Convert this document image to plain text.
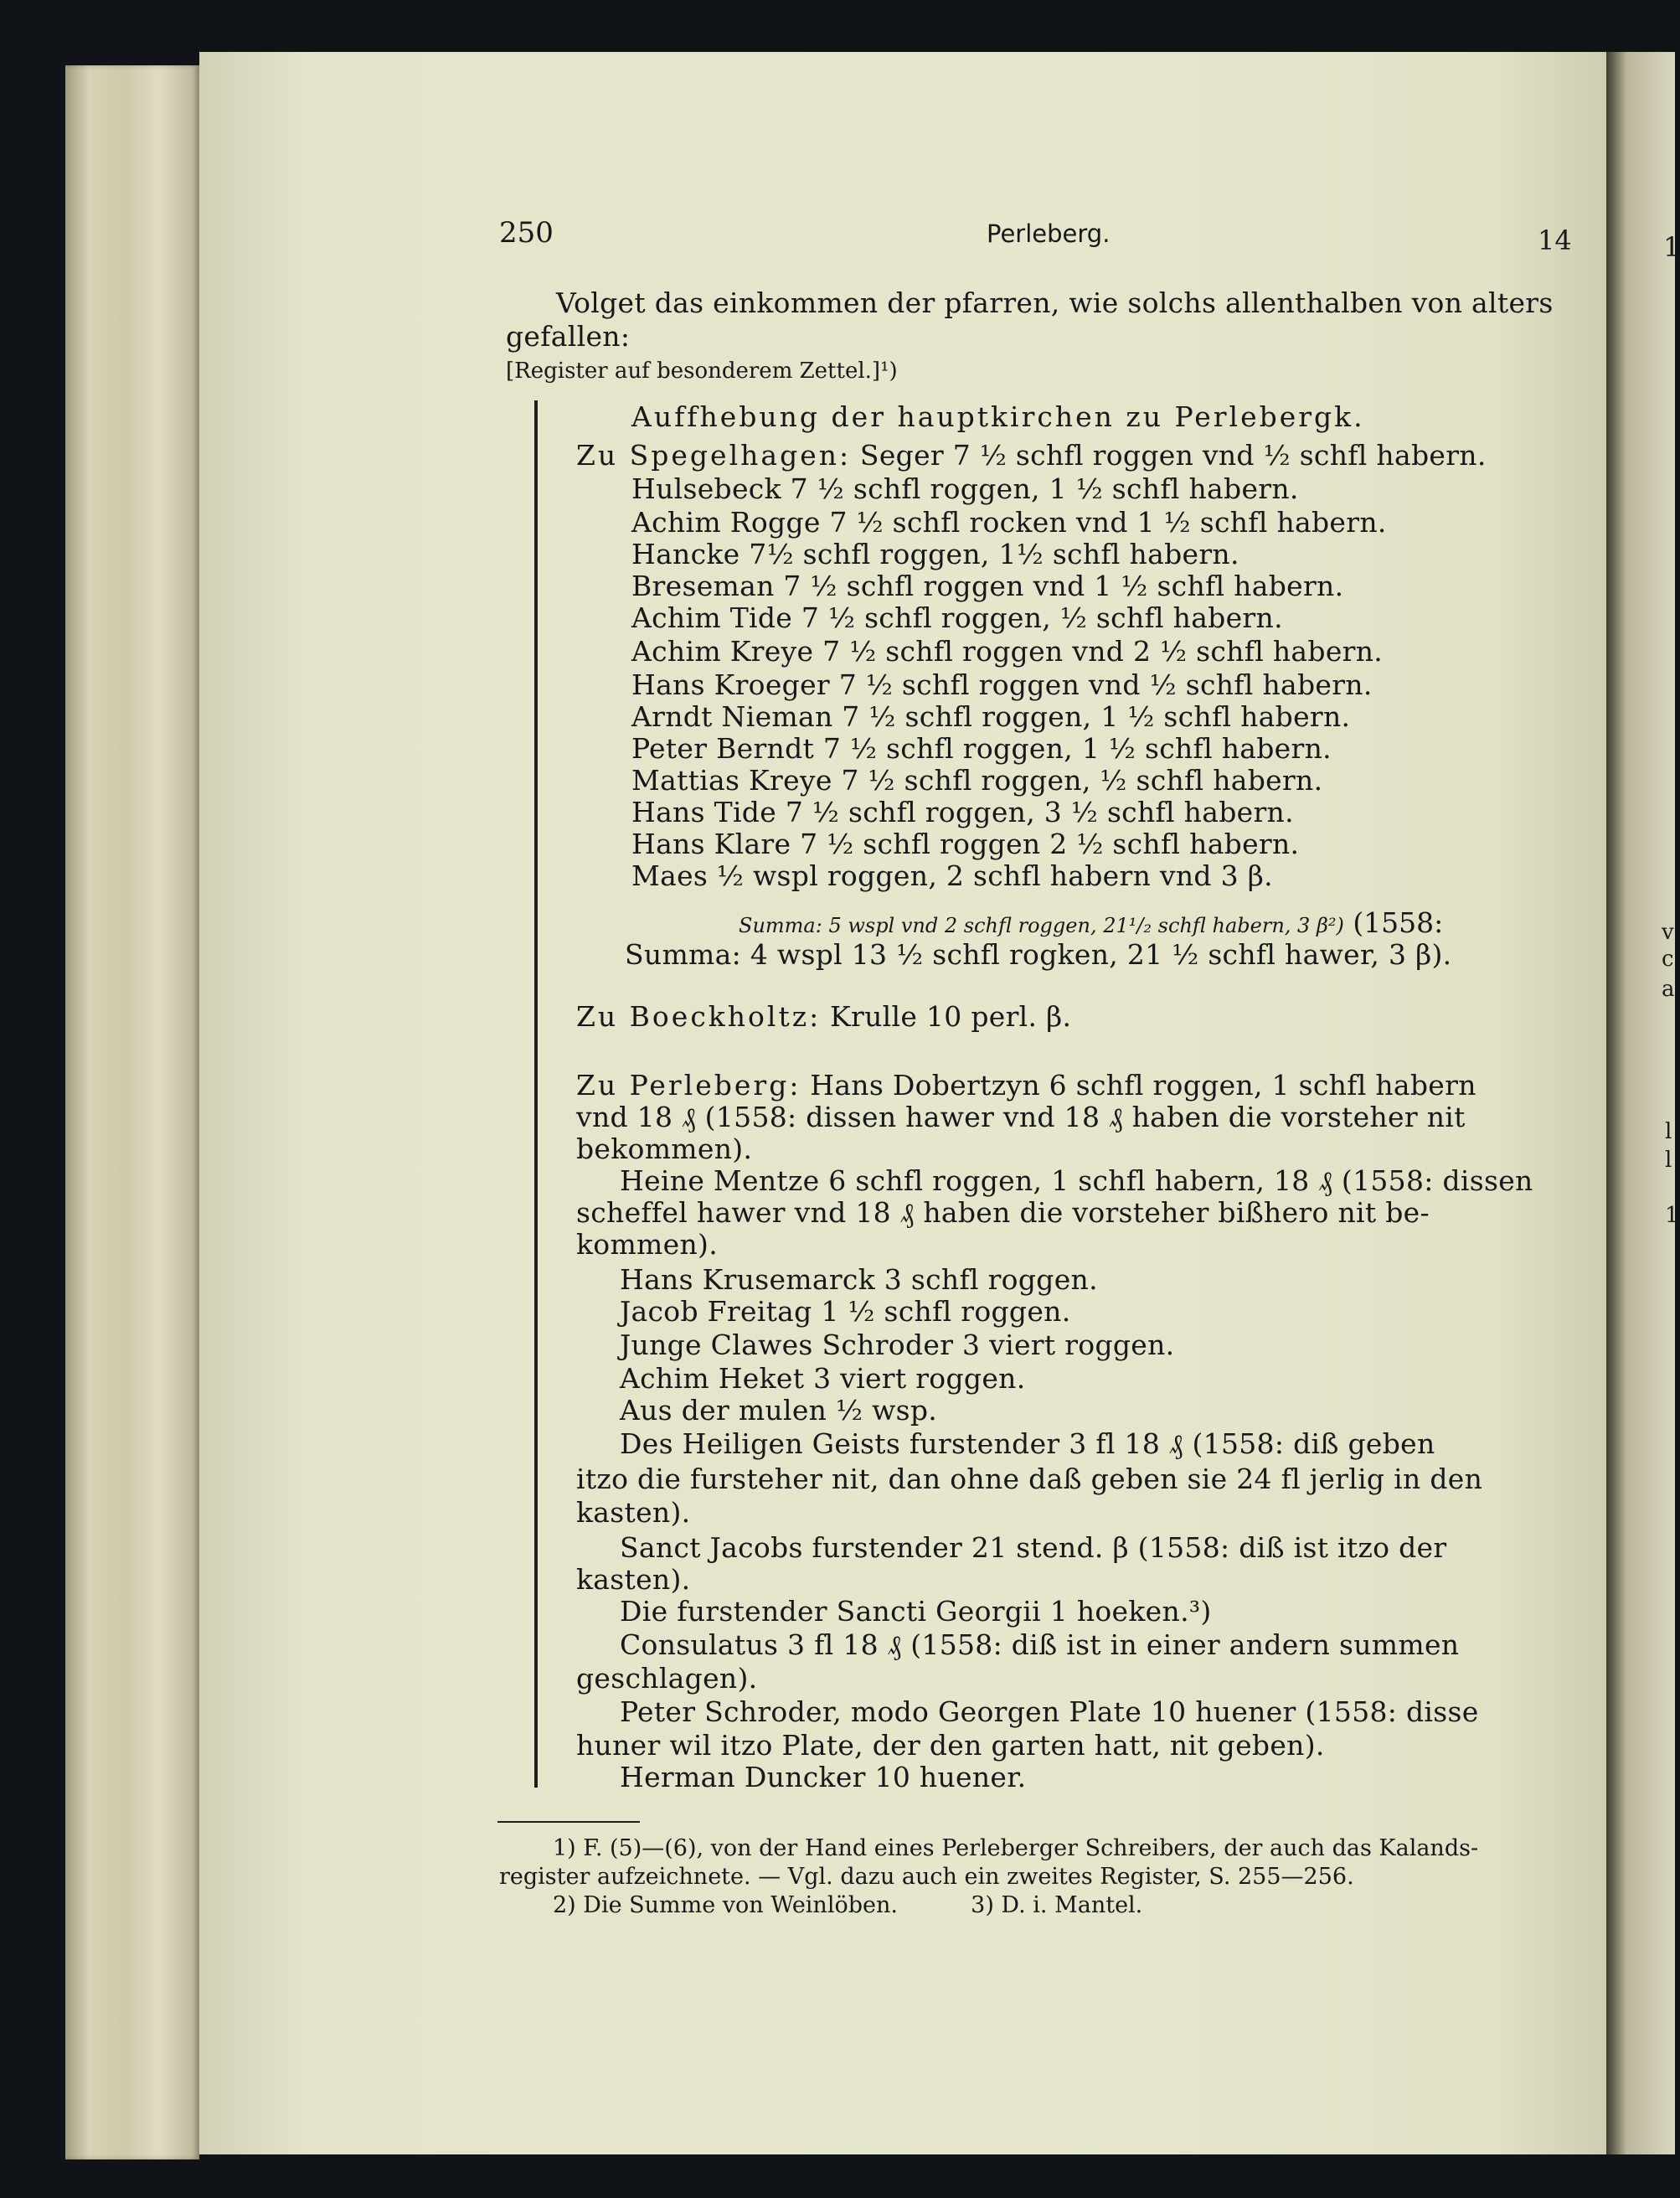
1
v
c
a
l
l
1
250	Perleberg.	14
Volget das einkommen der pfarren, wie solchs allenthalben von alters
gefallen:
[Register auf besonderem Zettel.]¹)
Auffhebung der hauptkirchen zu Perlebergk.
Zu Spegelhagen: Seger 7 ½ schfl roggen vnd ½ schfl habern.
Hulsebeck 7 ½ schfl roggen, 1 ½ schfl habern.
Achim Rogge 7 ½ schfl rocken vnd 1 ½ schfl habern.
Hancke 7½ schfl roggen, 1½ schfl habern.
Breseman 7 ½ schfl roggen vnd 1 ½ schfl habern.
Achim Tide 7 ½ schfl roggen, ½ schfl habern.
Achim Kreye 7 ½ schfl roggen vnd 2 ½ schfl habern.
Hans Kroeger 7 ½ schfl roggen vnd ½ schfl habern.
Arndt Nieman 7 ½ schfl roggen, 1 ½ schfl habern.
Peter Berndt 7 ½ schfl roggen, 1 ½ schfl habern.
Mattias Kreye 7 ½ schfl roggen, ½ schfl habern.
Hans Tide 7 ½ schfl roggen, 3 ½ schfl habern.
Hans Klare 7 ½ schfl roggen 2 ½ schfl habern.
Maes ½ wspl roggen, 2 schfl habern vnd 3 β.
Summa: 5 wspl vnd 2 schfl roggen, 21¹/₂ schfl habern, 3 β²) (1558:
Summa: 4 wspl 13 ½ schfl rogken, 21 ½ schfl hawer, 3 β).
Zu Boeckholtz: Krulle 10 perl. β.
Zu Perleberg: Hans Dobertzyn 6 schfl roggen, 1 schfl habern
vnd 18 ₰ (1558: dissen hawer vnd 18 ₰ haben die vorsteher nit
bekommen).
Heine Mentze 6 schfl roggen, 1 schfl habern, 18 ₰ (1558: dissen
scheffel hawer vnd 18 ₰ haben die vorsteher bißhero nit be-
kommen).
Hans Krusemarck 3 schfl roggen.
Jacob Freitag 1 ½ schfl roggen.
Junge Clawes Schroder 3 viert roggen.
Achim Heket 3 viert roggen.
Aus der mulen ½ wsp.
Des Heiligen Geists furstender 3 fl 18 ₰ (1558: diß geben
itzo die fursteher nit, dan ohne daß geben sie 24 fl jerlig in den
kasten).
Sanct Jacobs furstender 21 stend. β (1558: diß ist itzo der
kasten).
Die furstender Sancti Georgii 1 hoeken.³)
Consulatus 3 fl 18 ₰ (1558: diß ist in einer andern summen
geschlagen).
Peter Schroder, modo Georgen Plate 10 huener (1558: disse
huner wil itzo Plate, der den garten hatt, nit geben).
Herman Duncker 10 huener.
1) F. (5)—(6), von der Hand eines Perleberger Schreibers, der auch das Kalands-
register aufzeichnete. — Vgl. dazu auch ein zweites Register, S. 255—256.
2) Die Summe von Weinlöben.	3) D. i. Mantel.
